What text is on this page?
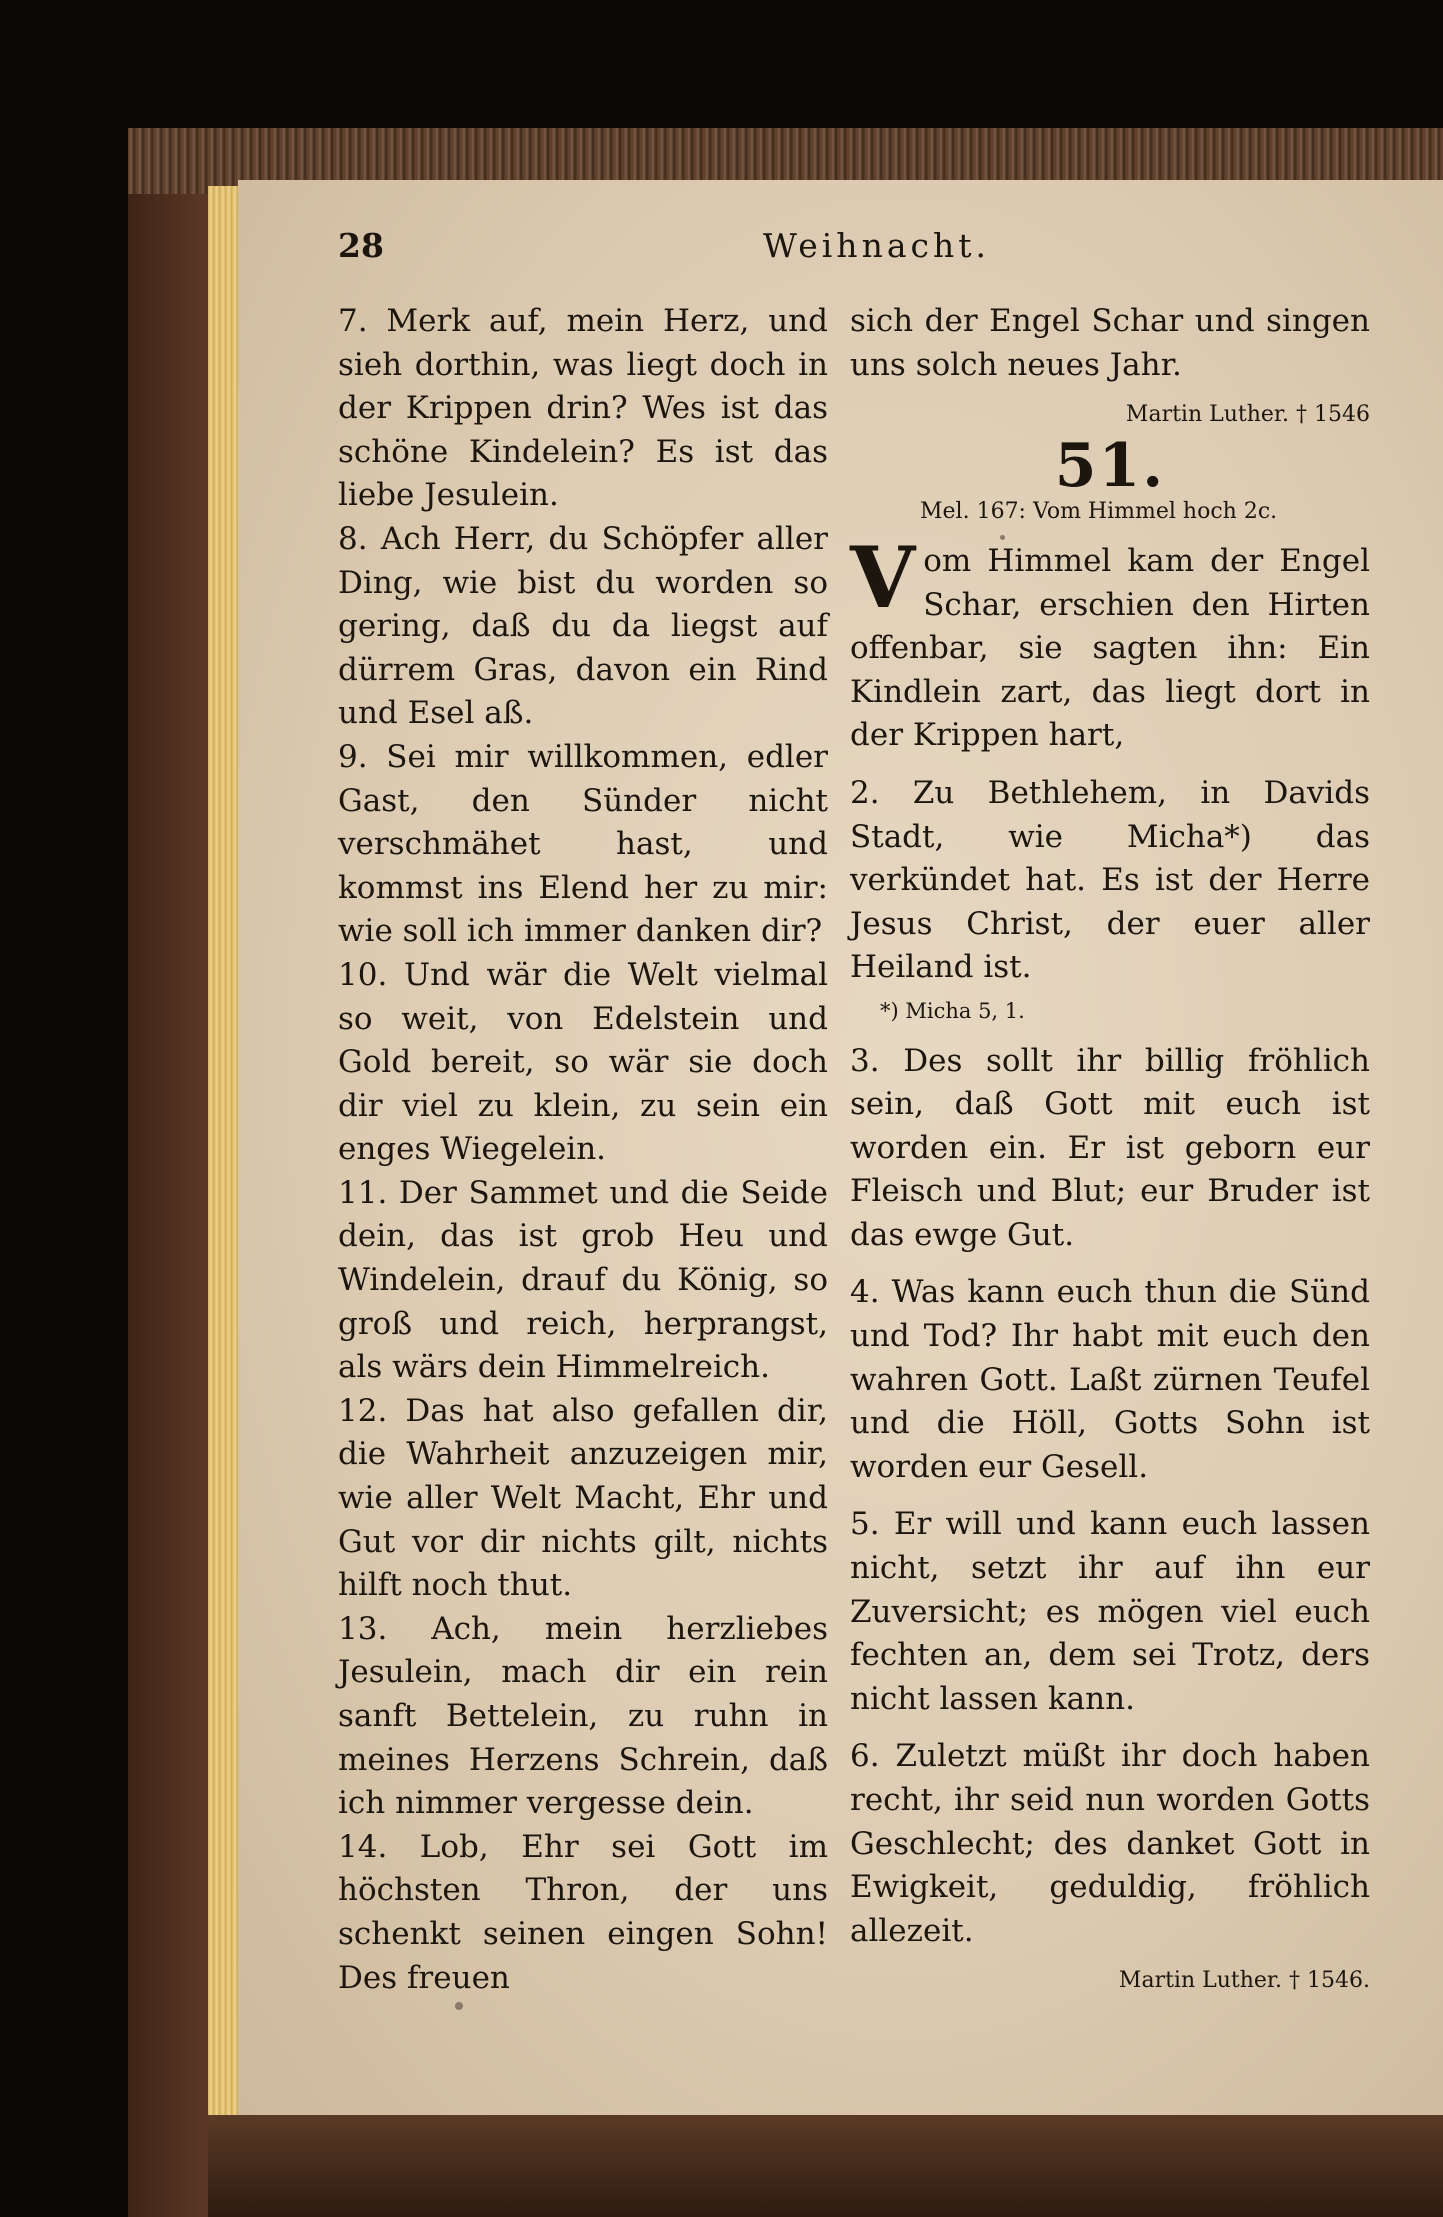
28	Weihnacht.

7. Merk auf, mein Herz, und sieh dorthin, was liegt doch in der Krippen drin? Wes ist das schöne Kindelein? Es ist das liebe Jesulein.

8. Ach Herr, du Schöpfer aller Ding, wie bist du worden so gering, daß du da liegst auf dürrem Gras, davon ein Rind und Esel aß.

9. Sei mir willkommen, edler Gast, den Sünder nicht verschmähet hast, und kommst ins Elend her zu mir: wie soll ich immer danken dir?

10. Und wär die Welt vielmal so weit, von Edelstein und Gold bereit, so wär sie doch dir viel zu klein, zu sein ein enges Wiegelein.

11. Der Sammet und die Seide dein, das ist grob Heu und Windelein, drauf du König, so groß und reich, herprangst, als wärs dein Himmelreich.

12. Das hat also gefallen dir, die Wahrheit anzuzeigen mir, wie aller Welt Macht, Ehr und Gut vor dir nichts gilt, nichts hilft noch thut.

13. Ach, mein herzliebes Jesulein, mach dir ein rein sanft Bettelein, zu ruhn in meines Herzens Schrein, daß ich nimmer vergesse dein.

14. Lob, Ehr sei Gott im höchsten Thron, der uns schenkt seinen eingen Sohn! Des freuen

sich der Engel Schar und singen uns solch neues Jahr.

Martin Luther. † 1546
51.
Mel. 167: Vom Himmel hoch 2c.

Vom Himmel kam der Engel Schar, erschien den Hirten offenbar, sie sagten ihn: Ein Kindlein zart, das liegt dort in der Krippen hart,

2. Zu Bethlehem, in Davids Stadt, wie Micha*) das verkündet hat. Es ist der Herre Jesus Christ, der euer aller Heiland ist.

*) Micha 5, 1.

3. Des sollt ihr billig fröhlich sein, daß Gott mit euch ist worden ein. Er ist geborn eur Fleisch und Blut; eur Bruder ist das ewge Gut.

4. Was kann euch thun die Sünd und Tod? Ihr habt mit euch den wahren Gott. Laßt zürnen Teufel und die Höll, Gotts Sohn ist worden eur Gesell.

5. Er will und kann euch lassen nicht, setzt ihr auf ihn eur Zuversicht; es mögen viel euch fechten an, dem sei Trotz, ders nicht lassen kann.

6. Zuletzt müßt ihr doch haben recht, ihr seid nun worden Gotts Geschlecht; des danket Gott in Ewigkeit, geduldig, fröhlich allezeit.

Martin Luther. † 1546.
